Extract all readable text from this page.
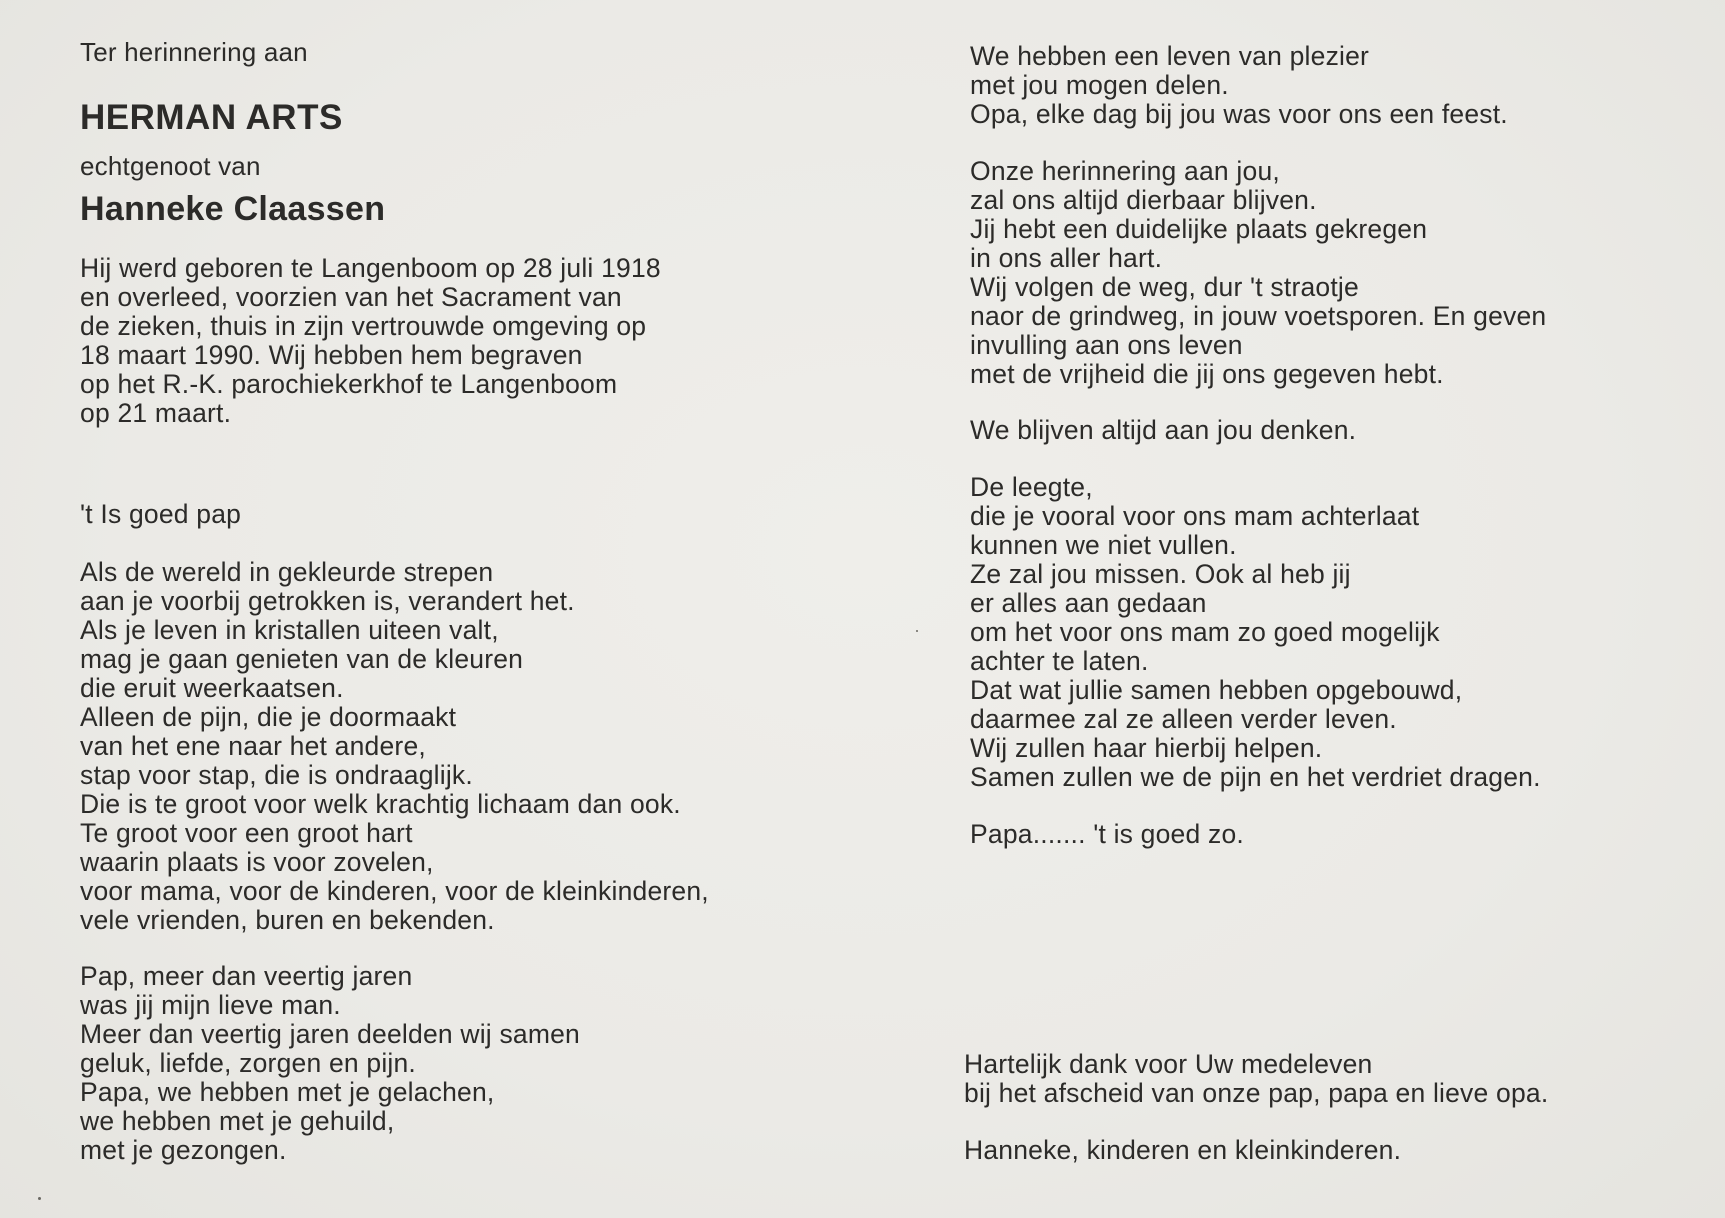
Ter herinnering aan
HERMAN ARTS
echtgenoot van
Hanneke Claassen
Hij werd geboren te Langenboom op 28 juli 1918
en overleed, voorzien van het Sacrament van
de zieken, thuis in zijn vertrouwde omgeving op
18 maart 1990. Wij hebben hem begraven
op het R.-K. parochiekerkhof te Langenboom
op 21 maart.
't Is goed pap
Als de wereld in gekleurde strepen
aan je voorbij getrokken is, verandert het.
Als je leven in kristallen uiteen valt,
mag je gaan genieten van de kleuren
die eruit weerkaatsen.
Alleen de pijn, die je doormaakt
van het ene naar het andere,
stap voor stap, die is ondraaglijk.
Die is te groot voor welk krachtig lichaam dan ook.
Te groot voor een groot hart
waarin plaats is voor zovelen,
voor mama, voor de kinderen, voor de kleinkinderen,
vele vrienden, buren en bekenden.
Pap, meer dan veertig jaren
was jij mijn lieve man.
Meer dan veertig jaren deelden wij samen
geluk, liefde, zorgen en pijn.
Papa, we hebben met je gelachen,
we hebben met je gehuild,
met je gezongen.
We hebben een leven van plezier
met jou mogen delen.
Opa, elke dag bij jou was voor ons een feest.
Onze herinnering aan jou,
zal ons altijd dierbaar blijven.
Jij hebt een duidelijke plaats gekregen
in ons aller hart.
Wij volgen de weg, dur 't straotje
naor de grindweg, in jouw voetsporen. En geven
invulling aan ons leven
met de vrijheid die jij ons gegeven hebt.
We blijven altijd aan jou denken.
De leegte,
die je vooral voor ons mam achterlaat
kunnen we niet vullen.
Ze zal jou missen. Ook al heb jij
er alles aan gedaan
om het voor ons mam zo goed mogelijk
achter te laten.
Dat wat jullie samen hebben opgebouwd,
daarmee zal ze alleen verder leven.
Wij zullen haar hierbij helpen.
Samen zullen we de pijn en het verdriet dragen.
Papa....... 't is goed zo.
Hartelijk dank voor Uw medeleven
bij het afscheid van onze pap, papa en lieve opa.
Hanneke, kinderen en kleinkinderen.
